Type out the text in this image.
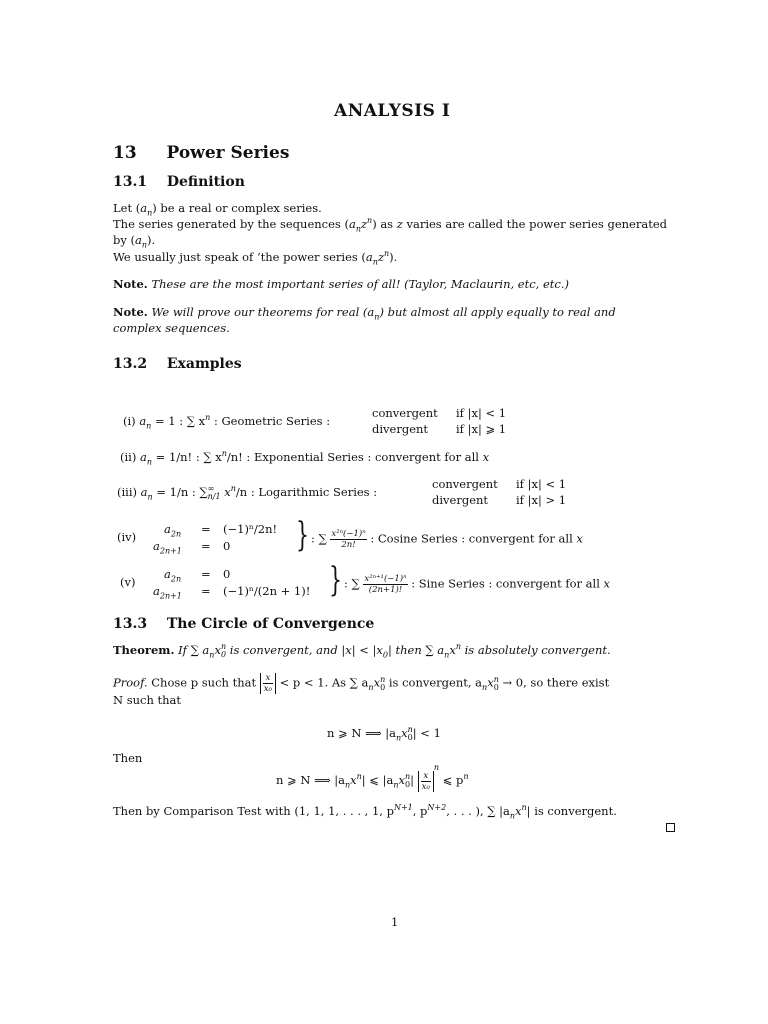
ANALYSIS I
13 Power Series
13.1 Definition
Let $(a_n)$ be a real or complex series.
The series generated by the sequences $(a_nz^n)$ as z varies are called the power series generated
by $(a_n)$.
We usually just speak of ‘the power series $(a_nz^n)$.
Note. These are the most important series of all! (Taylor, Maclaurin, etc, etc.)
Note. We will prove our theorems for real $(a_n)$ but almost all apply equally to real and
complex sequences.
13.2 Examples
(i) $a_n = 1$ : ∑ $x^n$ : Geometric Series :
convergent if |x| < 1
divergent if |x| ⩾ 1
(ii) $a_n = 1/n$! : ∑ $x^n/n$! : Exponential Series : convergent for all x
(iii) $a_n = 1/n$ : ∑ ∞
n/1 $x^n/n$ : Logarithmic Series :
convergent if |x| < 1
divergent if |x| > 1
(iv)
$a_{2n} = (-1)^n/2n$!
$a_{2n+1} = 0$ } : ∑ $\frac{\text{x²ⁿ(−1)ⁿ}}{2n!}$ : Cosine Series : convergent for all x
(v)
$a_{2n} = 0$
$a_{2n+1} = (-1)^n/(2n + 1)$! } : ∑ $\frac{\text{x²ⁿ⁺¹(−1)ⁿ}}{(2n+1)!}$ : Sine Series : convergent for all x
13.3 The Circle of Convergence
Theorem. If ∑ $a_nx$ n
0 is convergent, and $|x| < |x_0|$ then ∑ $a_nx^n$ is absolutely convergent.
Proof. Chose p such that $\frac{x}{\text{x₀}} < p < 1$. As ∑ $a_nx$ n
0 is convergent, $a_nx$ n
0 → 0, so there exist
N such that
n ⩾ N ⟹ $|a_nx$ n
0 | < 1
Then
n ⩾ N ⟹ $|a_nx^n|$ ⩽ $|a_nx$ n
0 | $\frac{x}{\text{x₀}}$
$^n$ ⩽ $p^n$
Then by Comparison Test with (1, 1, 1, . . . , 1, $p^{N+1}$, $p^{N+2}$, . . . ), ∑ $|a_nx^n|$ is convergent.
1
